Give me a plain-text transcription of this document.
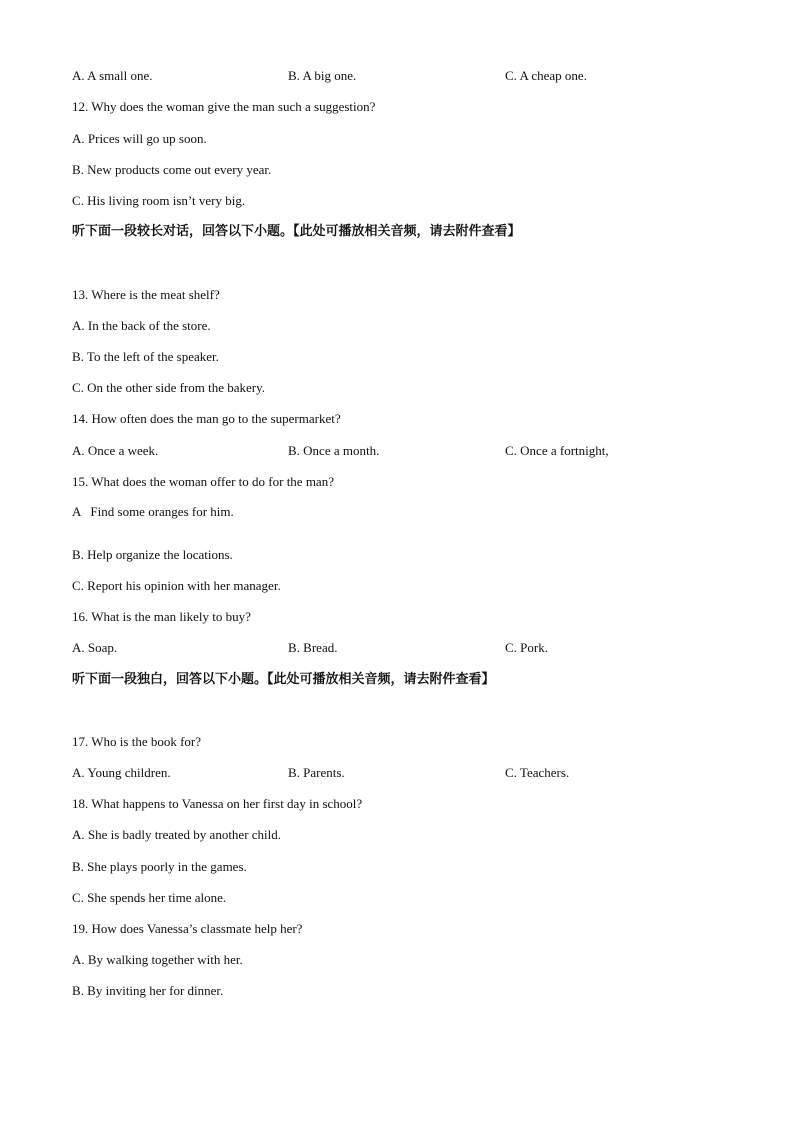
A. A small one.	B. A big one.	C. A cheap one.
12. Why does the woman give the man such a suggestion?
A. Prices will go up soon.
B. New products come out every year.
C. His living room isn’t very big.
听下面一段较长对话，回答以下小题。【此处可播放相关音频，请去附件查看】
13. Where is the meat shelf?
A. In the back of the store.
B. To the left of the speaker.
C. On the other side from the bakery.
14. How often does the man go to the supermarket?
A. Once a week.	B. Once a month.	C. Once a fortnight,
15. What does the woman offer to do for the man?
A   Find some oranges for him.
B. Help organize the locations.
C. Report his opinion with her manager.
16. What is the man likely to buy?
A. Soap.	B. Bread.	C. Pork.
听下面一段独白，回答以下小题。【此处可播放相关音频，请去附件查看】
17. Who is the book for?
A. Young children.	B. Parents.	C. Teachers.
18. What happens to Vanessa on her first day in school?
A. She is badly treated by another child.
B. She plays poorly in the games.
C. She spends her time alone.
19. How does Vanessa’s classmate help her?
A. By walking together with her.
B. By inviting her for dinner.
